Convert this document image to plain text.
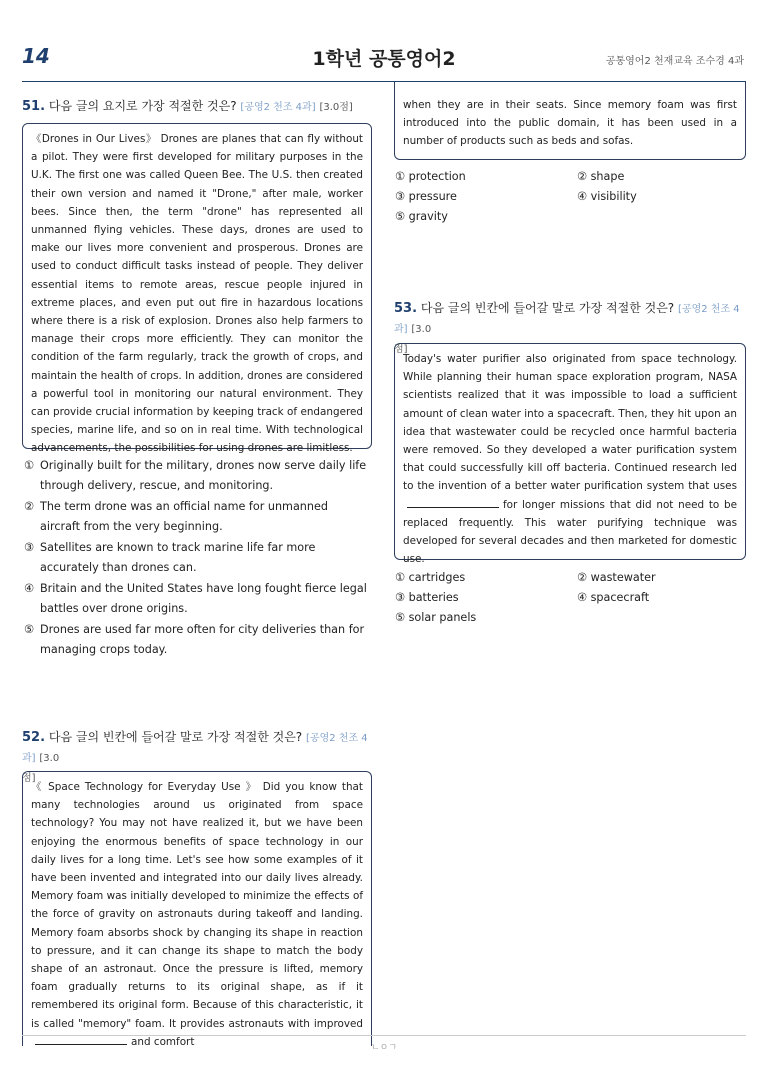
14	1학년 공통영어2	공통영어2 천재교육 조수경 4과
51. 다음 글의 요지로 가장 적절한 것은? [공영2 천조 4과] [3.0점]
《Drones in Our Lives》 Drones are planes that can fly without a pilot. They were first developed for military purposes in the U.K. The first one was called Queen Bee. The U.S. then created their own version and named it "Drone," after male, worker bees. Since then, the term "drone" has represented all unmanned flying vehicles. These days, drones are used to make our lives more convenient and prosperous. Drones are used to conduct difficult tasks instead of people. They deliver essential items to remote areas, rescue people injured in extreme places, and even put out fire in hazardous locations where there is a risk of explosion. Drones also help farmers to manage their crops more efficiently. They can monitor the condition of the farm regularly, track the growth of crops, and maintain the health of crops. In addition, drones are considered a powerful tool in monitoring our natural environment. They can provide crucial information by keeping track of endangered species, marine life, and so on in real time. With technological advancements, the possibilities for using drones are limitless.
① Originally built for the military, drones now serve daily life through delivery, rescue, and monitoring.
② The term drone was an official name for unmanned aircraft from the very beginning.
③ Satellites are known to track marine life far more accurately than drones can.
④ Britain and the United States have long fought fierce legal battles over drone origins.
⑤ Drones are used far more often for city deliveries than for managing crops today.
52. 다음 글의 빈칸에 들어갈 말로 가장 적절한 것은? [공영2 천조 4과] [3.0
점]
《 Space Technology for Everyday Use 》 Did you know that many technologies around us originated from space technology? You may not have realized it, but we have been enjoying the enormous benefits of space technology in our daily lives for a long time. Let's see how some examples of it have been invented and integrated into our daily lives already. Memory foam was initially developed to minimize the effects of the force of gravity on astronauts during takeoff and landing. Memory foam absorbs shock by changing its shape in reaction to pressure, and it can change its shape to match the body shape of an astronaut. Once the pressure is lifted, memory foam gradually returns to its original shape, as if it remembered its original form. Because of this characteristic, it is called "memory" foam. It provides astronauts with improvedand comfort
when they are in their seats. Since memory foam was first introduced into the public domain, it has been used in a number of products such as beds and sofas.
① protection	② shape
③ pressure	④ visibility
⑤ gravity
53. 다음 글의 빈칸에 들어갈 말로 가장 적절한 것은? [공영2 천조 4과] [3.0
점]
Today's water purifier also originated from space technology. While planning their human space exploration program, NASA scientists realized that it was impossible to load a sufficient amount of clean water into a spacecraft. Then, they hit upon an idea that wastewater could be recycled once harmful bacteria were removed. So they developed a water purification system that could successfully kill off bacteria. Continued research led to the invention of a better water purification system that usesfor longer missions that did not need to be replaced frequently. This water purifying technique was developed for several decades and then marketed for domestic use.
① cartridges	② wastewater
③ batteries	④ spacecraft
⑤ solar panels
ㄴㅇㄱ
